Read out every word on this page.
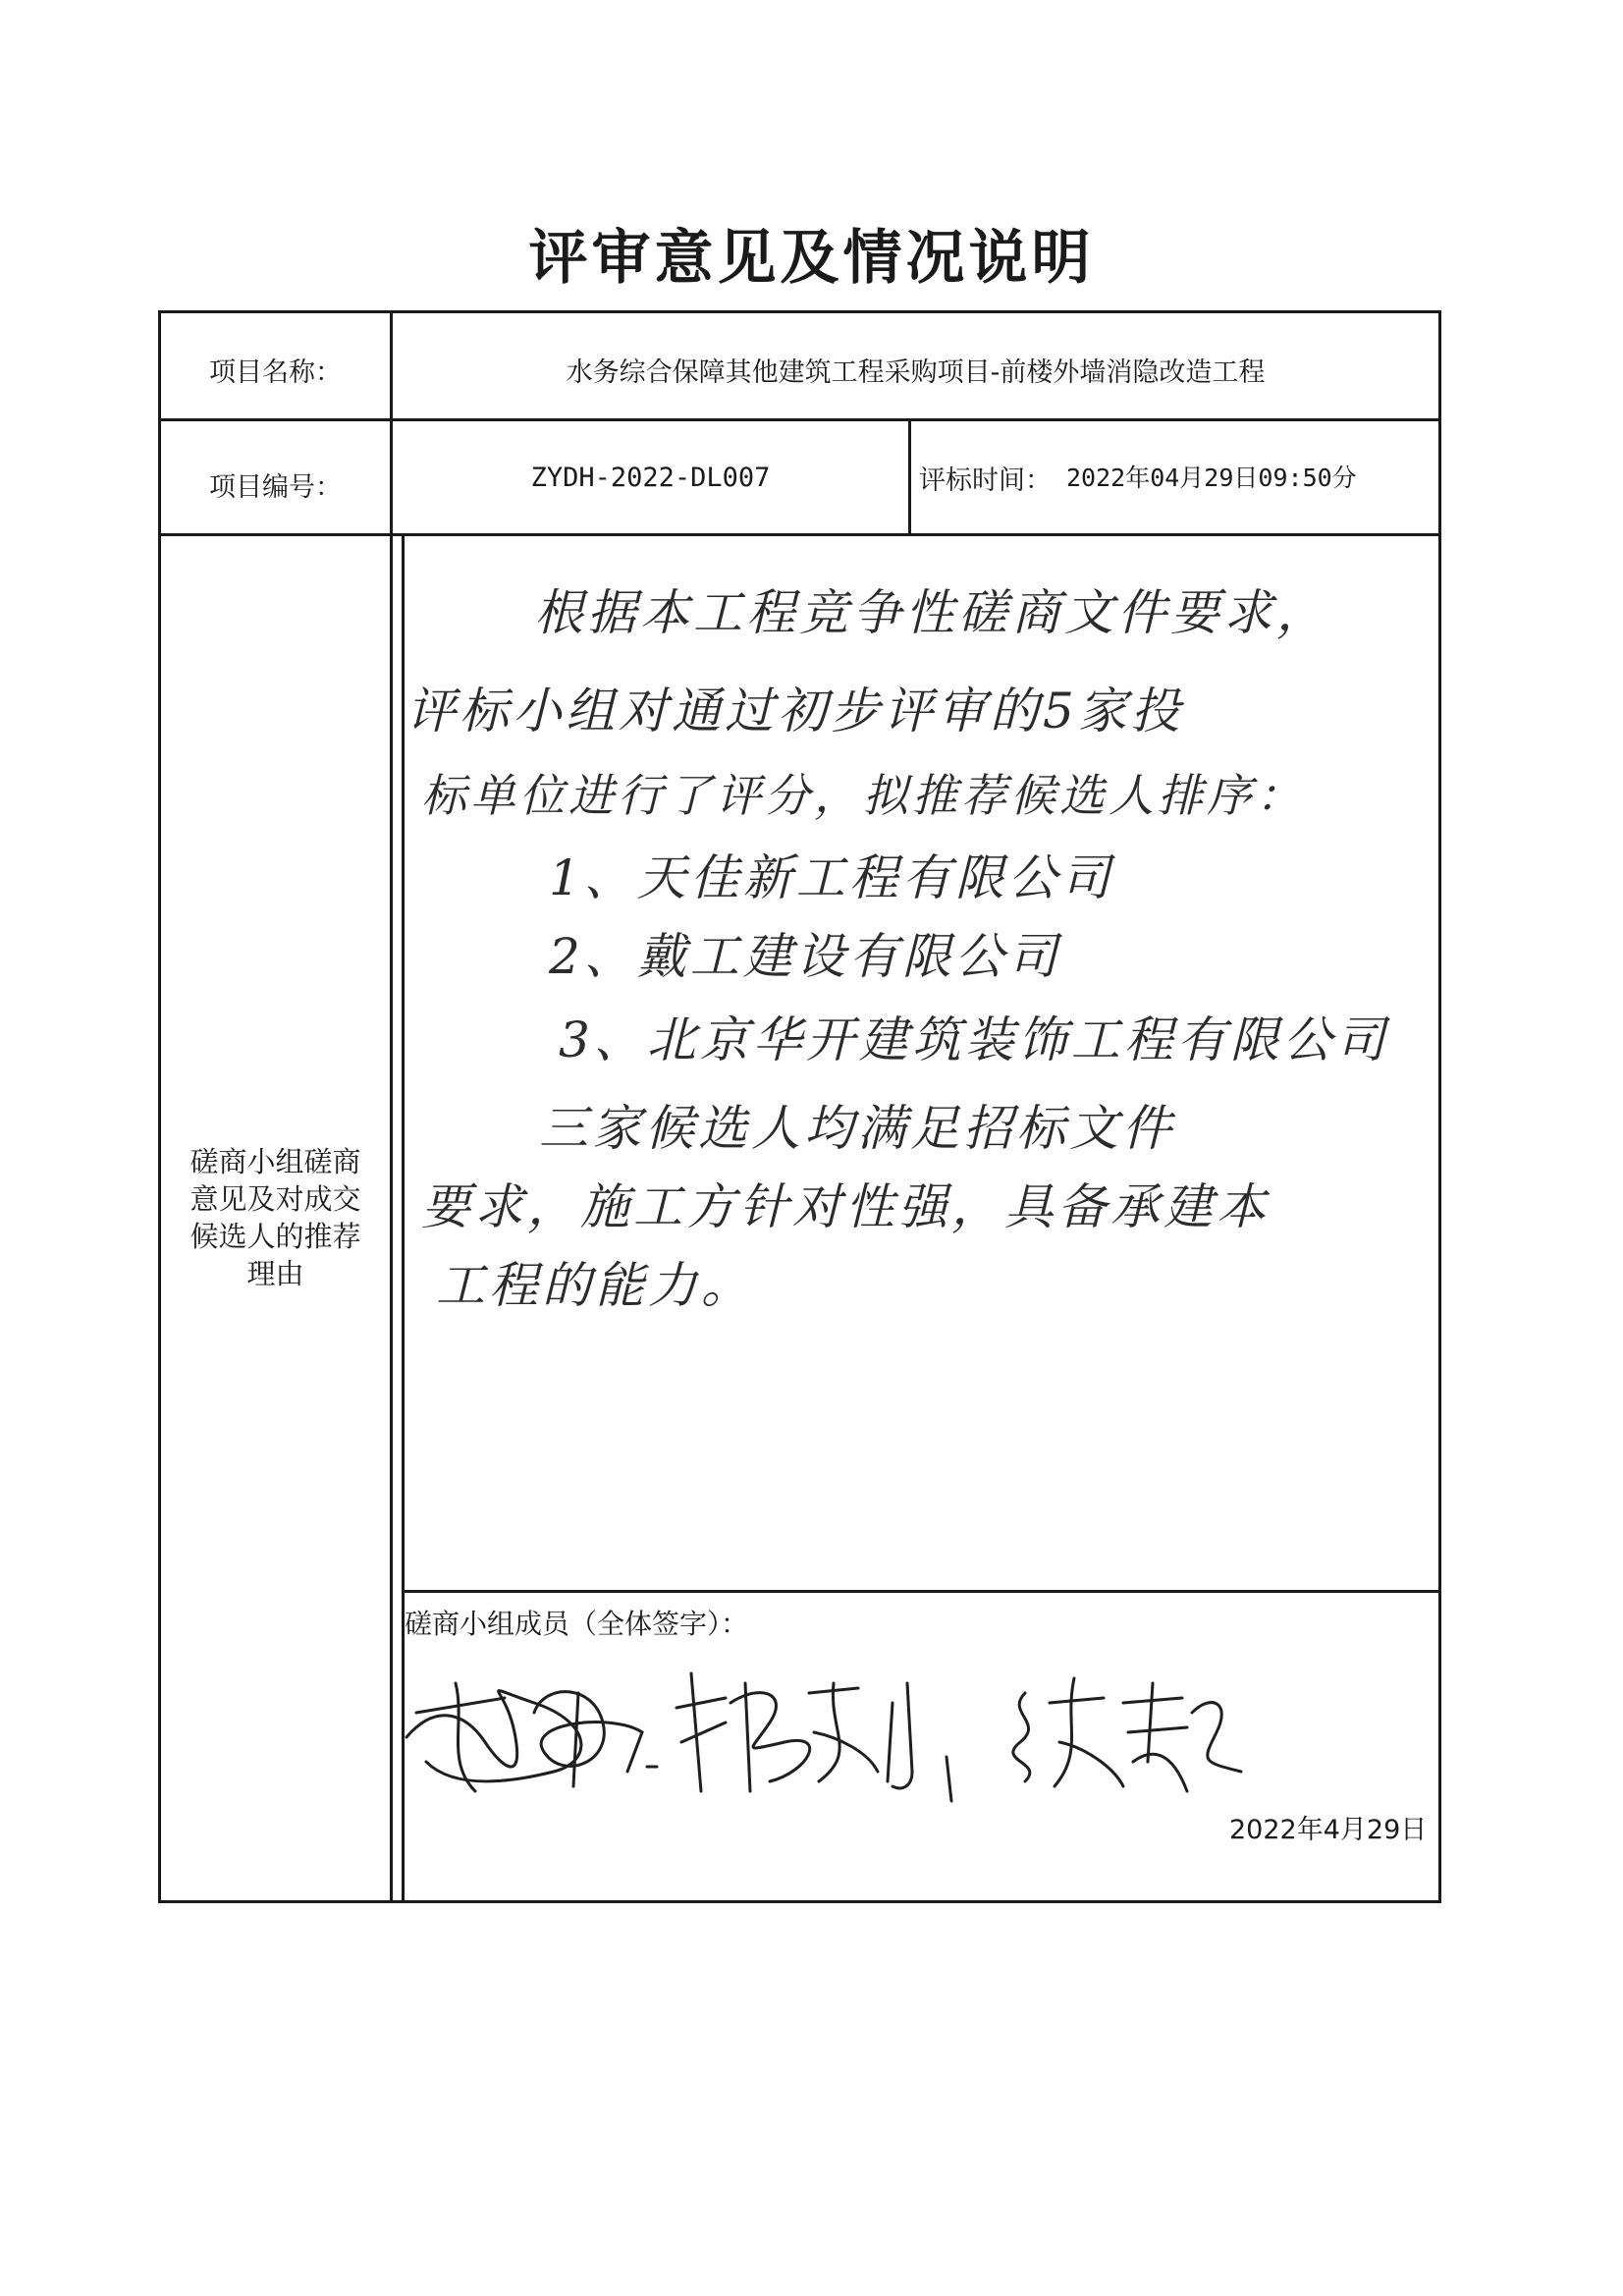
评审意见及情况说明
项目名称：	水务综合保障其他建筑工程采购项目-前楼外墙消隐改造工程
项目编号：	ZYDH-2022-DL007	评标时间： 2022年04月29日09:50分
磋商小组磋商
意见及对成交
候选人的推荐
理由
根据本工程竞争性磋商文件要求，
评标小组对通过初步评审的5家投
标单位进行了评分，拟推荐候选人排序：
1、天佳新工程有限公司
2、戴工建设有限公司
3、北京华开建筑装饰工程有限公司
三家候选人均满足招标文件
要求，施工方针对性强，具备承建本
工程的能力。
磋商小组成员（全体签字）：
2022年4月29日
